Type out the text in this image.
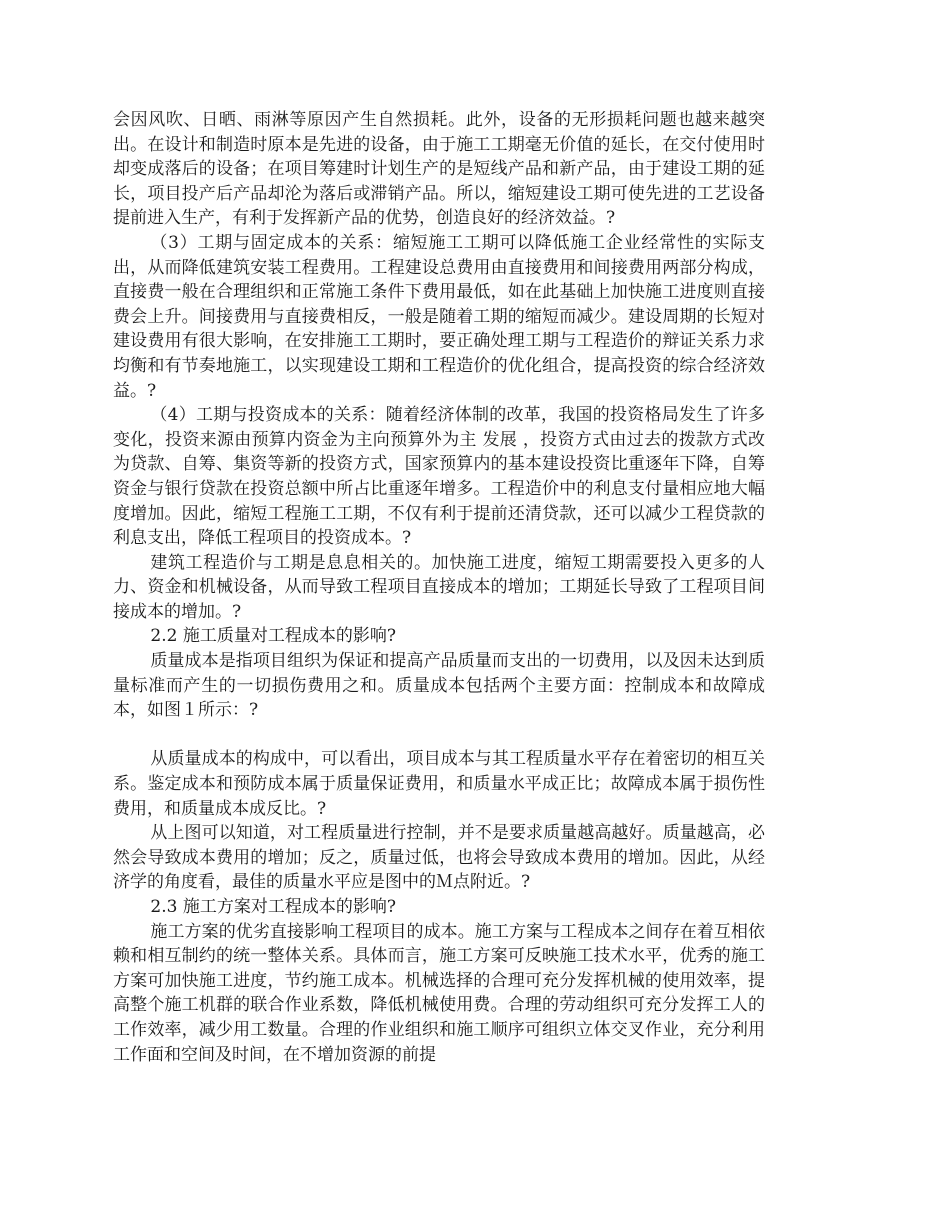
会因风吹、日晒、雨淋等原因产生自然损耗。此外，设备的无形损耗问题也越来越突出。在设计和制造时原本是先进的设备，由于施工工期毫无价值的延长，在交付使用时却变成落后的设备；在项目筹建时计划生产的是短线产品和新产品，由于建设工期的延长，项目投产后产品却沦为落后或滞销产品。所以，缩短建设工期可使先进的工艺设备提前进入生产，有利于发挥新产品的优势，创造良好的经济效益。?

（3）工期与固定成本的关系：缩短施工工期可以降低施工企业经常性的实际支出，从而降低建筑安装工程费用。工程建设总费用由直接费用和间接费用两部分构成，直接费一般在合理组织和正常施工条件下费用最低，如在此基础上加快施工进度则直接费会上升。间接费用与直接费相反，一般是随着工期的缩短而减少。建设周期的长短对建设费用有很大影响，在安排施工工期时，要正确处理工期与工程造价的辩证关系力求均衡和有节奏地施工，以实现建设工期和工程造价的优化组合，提高投资的综合经济效益。?

（4）工期与投资成本的关系：随着经济体制的改革，我国的投资格局发生了许多变化，投资来源由预算内资金为主向预算外为主 发展 ，投资方式由过去的拨款方式改为贷款、自筹、集资等新的投资方式，国家预算内的基本建设投资比重逐年下降，自筹资金与银行贷款在投资总额中所占比重逐年增多。工程造价中的利息支付量相应地大幅度增加。因此，缩短工程施工工期，不仅有利于提前还清贷款，还可以减少工程贷款的利息支出，降低工程项目的投资成本。?

建筑工程造价与工期是息息相关的。加快施工进度，缩短工期需要投入更多的人力、资金和机械设备，从而导致工程项目直接成本的增加；工期延长导致了工程项目间接成本的增加。?

2.2 施工质量对工程成本的影响?

质量成本是指项目组织为保证和提高产品质量而支出的一切费用，以及因未达到质量标准而产生的一切损伤费用之和。质量成本包括两个主要方面：控制成本和故障成本，如图１所示：?

从质量成本的构成中，可以看出，项目成本与其工程质量水平存在着密切的相互关系。鉴定成本和预防成本属于质量保证费用，和质量水平成正比；故障成本属于损伤性费用，和质量成本成反比。?

从上图可以知道，对工程质量进行控制，并不是要求质量越高越好。质量越高，必然会导致成本费用的增加；反之，质量过低，也将会导致成本费用的增加。因此，从经济学的角度看，最佳的质量水平应是图中的Ｍ点附近。?

2.3 施工方案对工程成本的影响?

施工方案的优劣直接影响工程项目的成本。施工方案与工程成本之间存在着互相依赖和相互制约的统一整体关系。具体而言，施工方案可反映施工技术水平，优秀的施工方案可加快施工进度，节约施工成本。机械选择的合理可充分发挥机械的使用效率，提高整个施工机群的联合作业系数，降低机械使用费。合理的劳动组织可充分发挥工人的工作效率，减少用工数量。合理的作业组织和施工顺序可组织立体交叉作业，充分利用工作面和空间及时间，在不增加资源的前提
